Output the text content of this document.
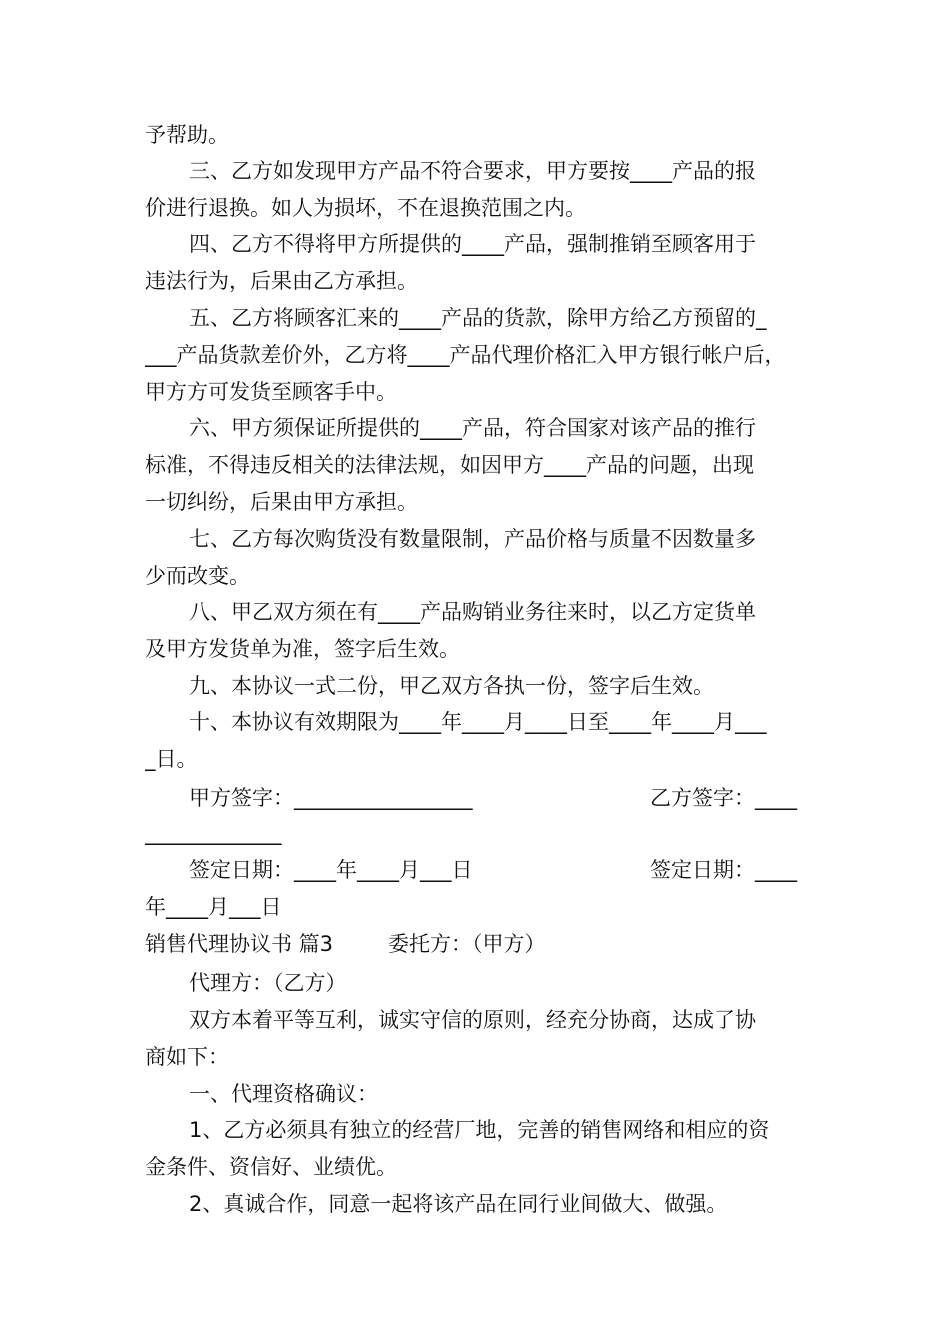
予帮助。
三、乙方如发现甲方产品不符合要求，甲方要按____产品的报
价进行退换。如人为损坏，不在退换范围之内。
四、乙方不得将甲方所提供的____产品，强制推销至顾客用于
违法行为，后果由乙方承担。
五、乙方将顾客汇来的____产品的货款，除甲方给乙方预留的_
___产品货款差价外，乙方将____产品代理价格汇入甲方银行帐户后，
甲方方可发货至顾客手中。
六、甲方须保证所提供的____产品，符合国家对该产品的推行
标准，不得违反相关的法律法规，如因甲方____产品的问题，出现
一切纠纷，后果由甲方承担。
七、乙方每次购货没有数量限制，产品价格与质量不因数量多
少而改变。
八、甲乙双方须在有____产品购销业务往来时，以乙方定货单
及甲方发货单为准，签字后生效。
九、本协议一式二份，甲乙双方各执一份，签字后生效。
十、本协议有效期限为____年____月____日至____年____月___
_日。
甲方签字：_________________	乙方签字：____
_____________
签定日期：____年____月___日	签定日期：____
年____月___日
销售代理协议书 篇3	委托方：（甲方）
代理方：（乙方）
双方本着平等互利，诚实守信的原则，经充分协商，达成了协
商如下：
一、代理资格确议：
1、乙方必须具有独立的经营厂地，完善的销售网络和相应的资
金条件、资信好、业绩优。
2、真诚合作，同意一起将该产品在同行业间做大、做强。
